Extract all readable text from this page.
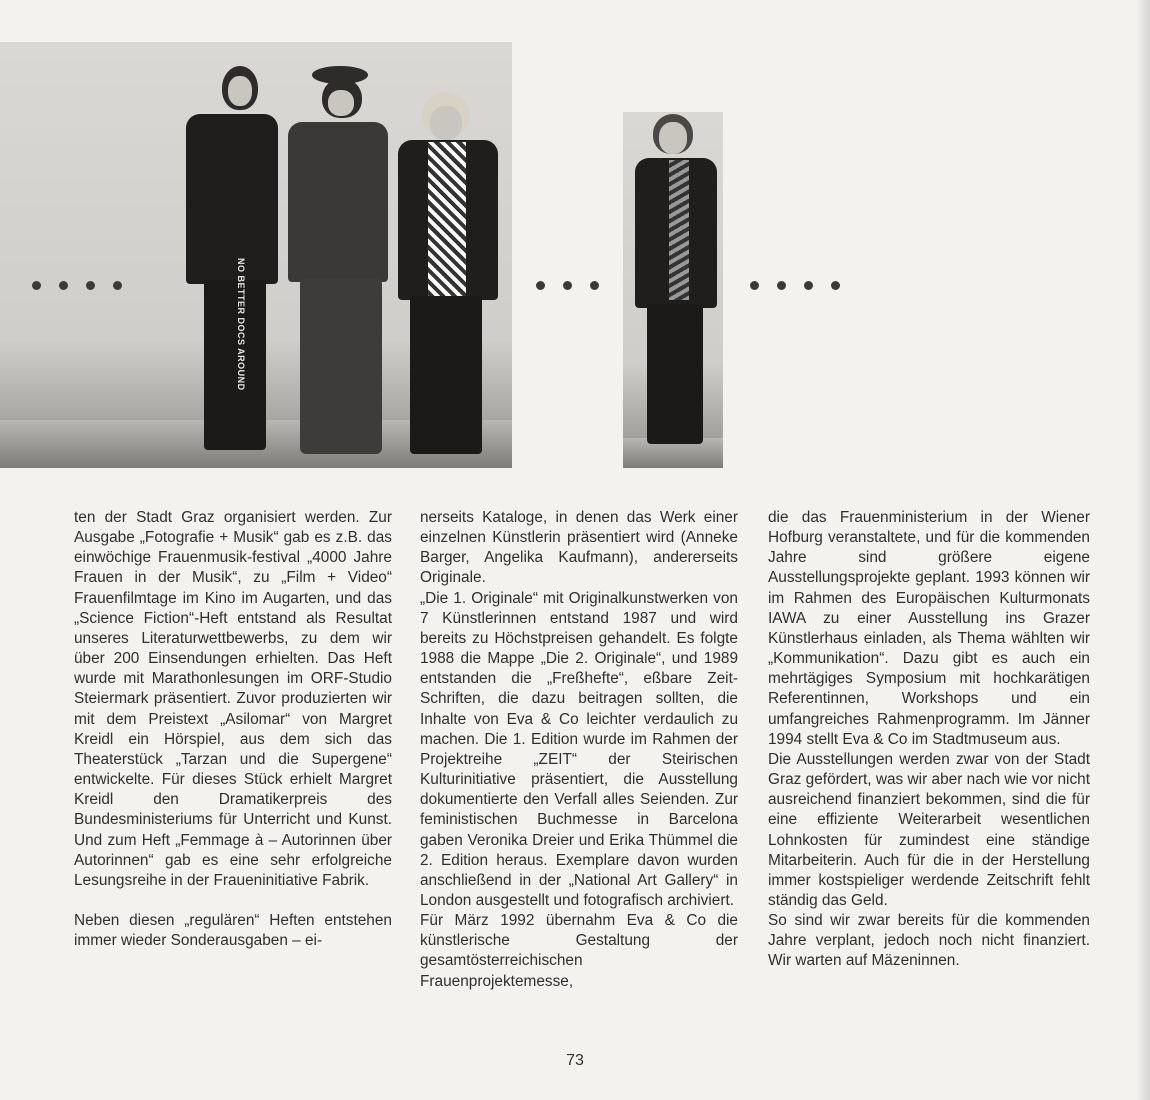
NO BETTER DOCS AROUND

ten der Stadt Graz organisiert werden. Zur Ausgabe „Fotografie + Musik“ gab es z.B. das einwöchige Frauenmusik-festival „4000 Jahre Frauen in der Musik“, zu „Film + Video“ Frauenfilmtage im Kino im Augarten, und das „Science Fiction“-Heft entstand als Resultat unseres Literaturwettbewerbs, zu dem wir über 200 Einsendungen erhielten. Das Heft wurde mit Marathonlesungen im ORF-Studio Steiermark präsentiert. Zuvor produzierten wir mit dem Preistext „Asilomar“ von Margret Kreidl ein Hörspiel, aus dem sich das Theaterstück „Tarzan und die Supergene“ entwickelte. Für dieses Stück erhielt Margret Kreidl den Dramatikerpreis des Bundesministeriums für Unterricht und Kunst. Und zum Heft „Femmage à – Autorinnen über Autorinnen“ gab es eine sehr erfolgreiche Lesungsreihe in der Fraueninitiative Fabrik.

Neben diesen „regulären“ Heften entstehen immer wieder Sonderausgaben – ei-

nerseits Kataloge, in denen das Werk einer einzelnen Künstlerin präsentiert wird (Anneke Barger, Angelika Kaufmann), andererseits Originale.

„Die 1. Originale“ mit Originalkunstwerken von 7 Künstlerinnen entstand 1987 und wird bereits zu Höchstpreisen gehandelt. Es folgte 1988 die Mappe „Die 2. Originale“, und 1989 entstanden die „Freßhefte“, eßbare Zeit-Schriften, die dazu beitragen sollten, die Inhalte von Eva & Co leichter verdaulich zu machen. Die 1. Edition wurde im Rahmen der Projektreihe „ZEIT“ der Steirischen Kulturinitiative präsentiert, die Ausstellung dokumentierte den Verfall alles Seienden. Zur feministischen Buchmesse in Barcelona gaben Veronika Dreier und Erika Thümmel die 2. Edition heraus. Exemplare davon wurden anschließend in der „National Art Gallery“ in London ausgestellt und fotografisch archiviert.

Für März 1992 übernahm Eva & Co die künstlerische Gestaltung der gesamtösterreichischen Frauenprojektemesse,

die das Frauenministerium in der Wiener Hofburg veranstaltete, und für die kommenden Jahre sind größere eigene Ausstellungsprojekte geplant. 1993 können wir im Rahmen des Europäischen Kulturmonats IAWA zu einer Ausstellung ins Grazer Künstlerhaus einladen, als Thema wählten wir „Kommunikation“. Dazu gibt es auch ein mehrtägiges Symposium mit hochkarätigen Referentinnen, Workshops und ein umfangreiches Rahmenprogramm. Im Jänner 1994 stellt Eva & Co im Stadtmuseum aus.

Die Ausstellungen werden zwar von der Stadt Graz gefördert, was wir aber nach wie vor nicht ausreichend finanziert bekommen, sind die für eine effiziente Weiterarbeit wesentlichen Lohnkosten für zumindest eine ständige Mitarbeiterin. Auch für die in der Herstellung immer kostspieliger werdende Zeitschrift fehlt ständig das Geld.

So sind wir zwar bereits für die kommenden Jahre verplant, jedoch noch nicht finanziert. Wir warten auf Mäzeninnen.

73
